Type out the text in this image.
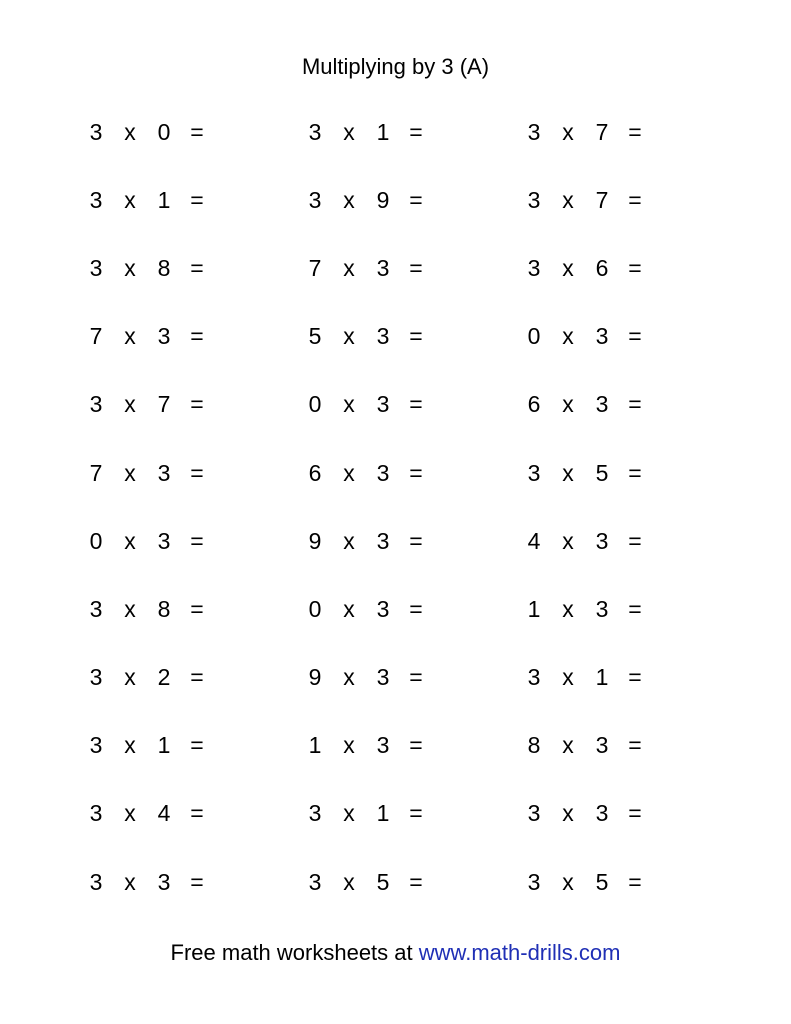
Multiplying by 3 (A)
3 x 0 =	3 x 1 =	3 x 7 =
3 x 1 =	3 x 9 =	3 x 7 =
3 x 8 =	7 x 3 =	3 x 6 =
7 x 3 =	5 x 3 =	0 x 3 =
3 x 7 =	0 x 3 =	6 x 3 =
7 x 3 =	6 x 3 =	3 x 5 =
0 x 3 =	9 x 3 =	4 x 3 =
3 x 8 =	0 x 3 =	1 x 3 =
3 x 2 =	9 x 3 =	3 x 1 =
3 x 1 =	1 x 3 =	8 x 3 =
3 x 4 =	3 x 1 =	3 x 3 =
3 x 3 =	3 x 5 =	3 x 5 =
Free math worksheets at www.math-drills.com
